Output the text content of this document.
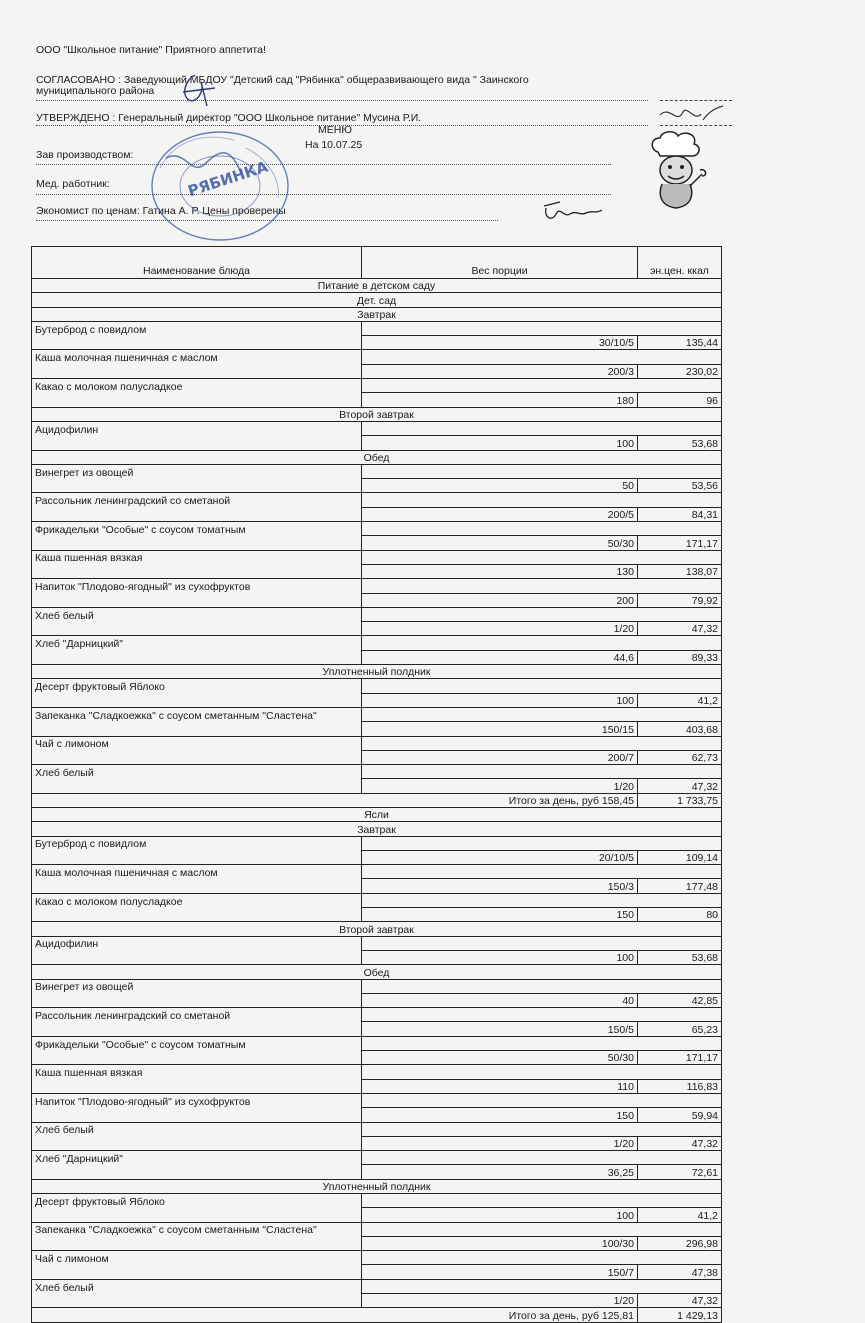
ООО "Школьное питание" Приятного аппетита!
СОГЛАСОВАНО : Заведующий МБДОУ "Детский сад "Рябинка" общеразвивающего вида " Заинского
муниципального района
УТВЕРЖДЕНО : Генеральный директор "ООО Школьное питание" Мусина Р.И.
МЕНЮ
На 10.07.25
Зав производством:
Мед. работник:
Экономист по ценам: Гатина А. Р. Цены проверены
РЯБИНКА
Наименование блюда	Вес порции	эн.цен. ккал
Питание в детском саду		
Дет. сад		
Завтрак		
Бутерброд с повидлом		
	30/10/5	135,44
Каша молочная пшеничная с маслом		
	200/3	230,02
Какао с молоком полусладкое		
	180	96
Второй завтрак		
Ацидофилин		
	100	53,68
Обед		
Винегрет из овощей		
	50	53,56
Рассольник ленинградский со сметаной		
	200/5	84,31
Фрикадельки "Особые" с соусом томатным		
	50/30	171,17
Каша пшенная вязкая		
	130	138,07
Напиток "Плодово-ягодный" из сухофруктов		
	200	79,92
Хлеб белый		
	1/20	47,32
Хлеб "Дарницкий"		
	44,6	89,33
Уплотненный полдник		
Десерт фруктовый Яблоко		
	100	41,2
Запеканка "Сладкоежка" с соусом сметанным "Сластена"		
	150/15	403,68
Чай с лимоном		
	200/7	62,73
Хлеб белый		
	1/20	47,32
Итого за день, руб 158,45		1 733,75
Ясли		
Завтрак		
Бутерброд с повидлом		
	20/10/5	109,14
Каша молочная пшеничная с маслом		
	150/3	177,48
Какао с молоком полусладкое		
	150	80
Второй завтрак		
Ацидофилин		
	100	53,68
Обед		
Винегрет из овощей		
	40	42,85
Рассольник ленинградский со сметаной		
	150/5	65,23
Фрикадельки "Особые" с соусом томатным		
	50/30	171,17
Каша пшенная вязкая		
	110	116,83
Напиток "Плодово-ягодный" из сухофруктов		
	150	59,94
Хлеб белый		
	1/20	47,32
Хлеб "Дарницкий"		
	36,25	72,61
Уплотненный полдник		
Десерт фруктовый Яблоко		
	100	41,2
Запеканка "Сладкоежка" с соусом сметанным "Сластена"		
	100/30	296,98
Чай с лимоном		
	150/7	47,38
Хлеб белый		
	1/20	47,32
Итого за день, руб 125,81		1 429,13
